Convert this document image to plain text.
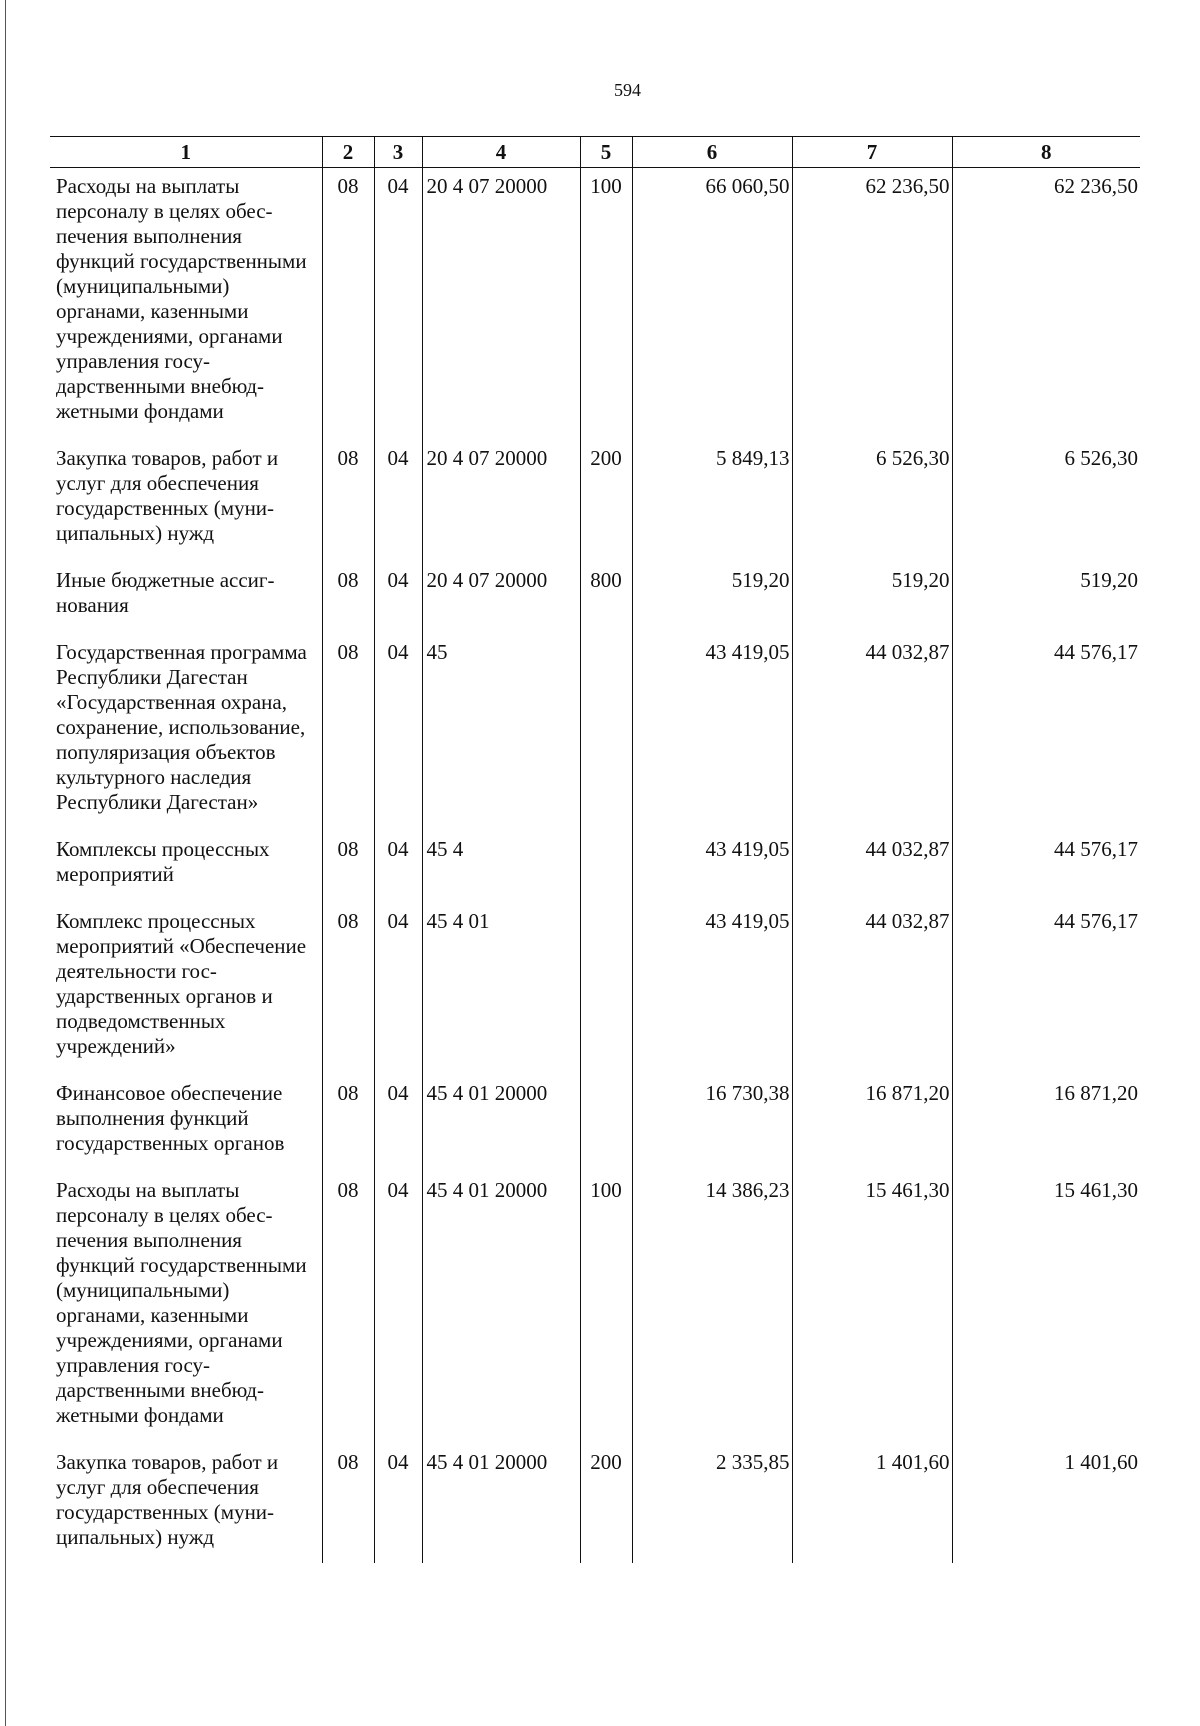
594
1	2	3	4	5	6	7	8
Расходы на выплаты персоналу в целях обеспечения выполнения функций государственными (муниципальными) органами, казенными учреждениями, органами управления государственными внебюджетными фондами	08	04	20 4 07 20000	100	66 060,50	62 236,50	62 236,50
Закупка товаров, работ и услуг для обеспечения государственных (муниципальных) нужд	08	04	20 4 07 20000	200	5 849,13	6 526,30	6 526,30
Иные бюджетные ассигнования	08	04	20 4 07 20000	800	519,20	519,20	519,20
Государственная программа Республики Дагестан «Государственная охрана, сохранение, использование, популяризация объектов культурного наследия Республики Дагестан»	08	04	45		43 419,05	44 032,87	44 576,17
Комплексы процессных мероприятий	08	04	45 4		43 419,05	44 032,87	44 576,17
Комплекс процессных мероприятий «Обеспечение деятельности государственных органов и подведомственных учреждений»	08	04	45 4 01		43 419,05	44 032,87	44 576,17
Финансовое обеспечение выполнения функций государственных органов	08	04	45 4 01 20000		16 730,38	16 871,20	16 871,20
Расходы на выплаты персоналу в целях обеспечения выполнения функций государственными (муниципальными) органами, казенными учреждениями, органами управления государственными внебюджетными фондами	08	04	45 4 01 20000	100	14 386,23	15 461,30	15 461,30
Закупка товаров, работ и услуг для обеспечения государственных (муниципальных) нужд	08	04	45 4 01 20000	200	2 335,85	1 401,60	1 401,60
